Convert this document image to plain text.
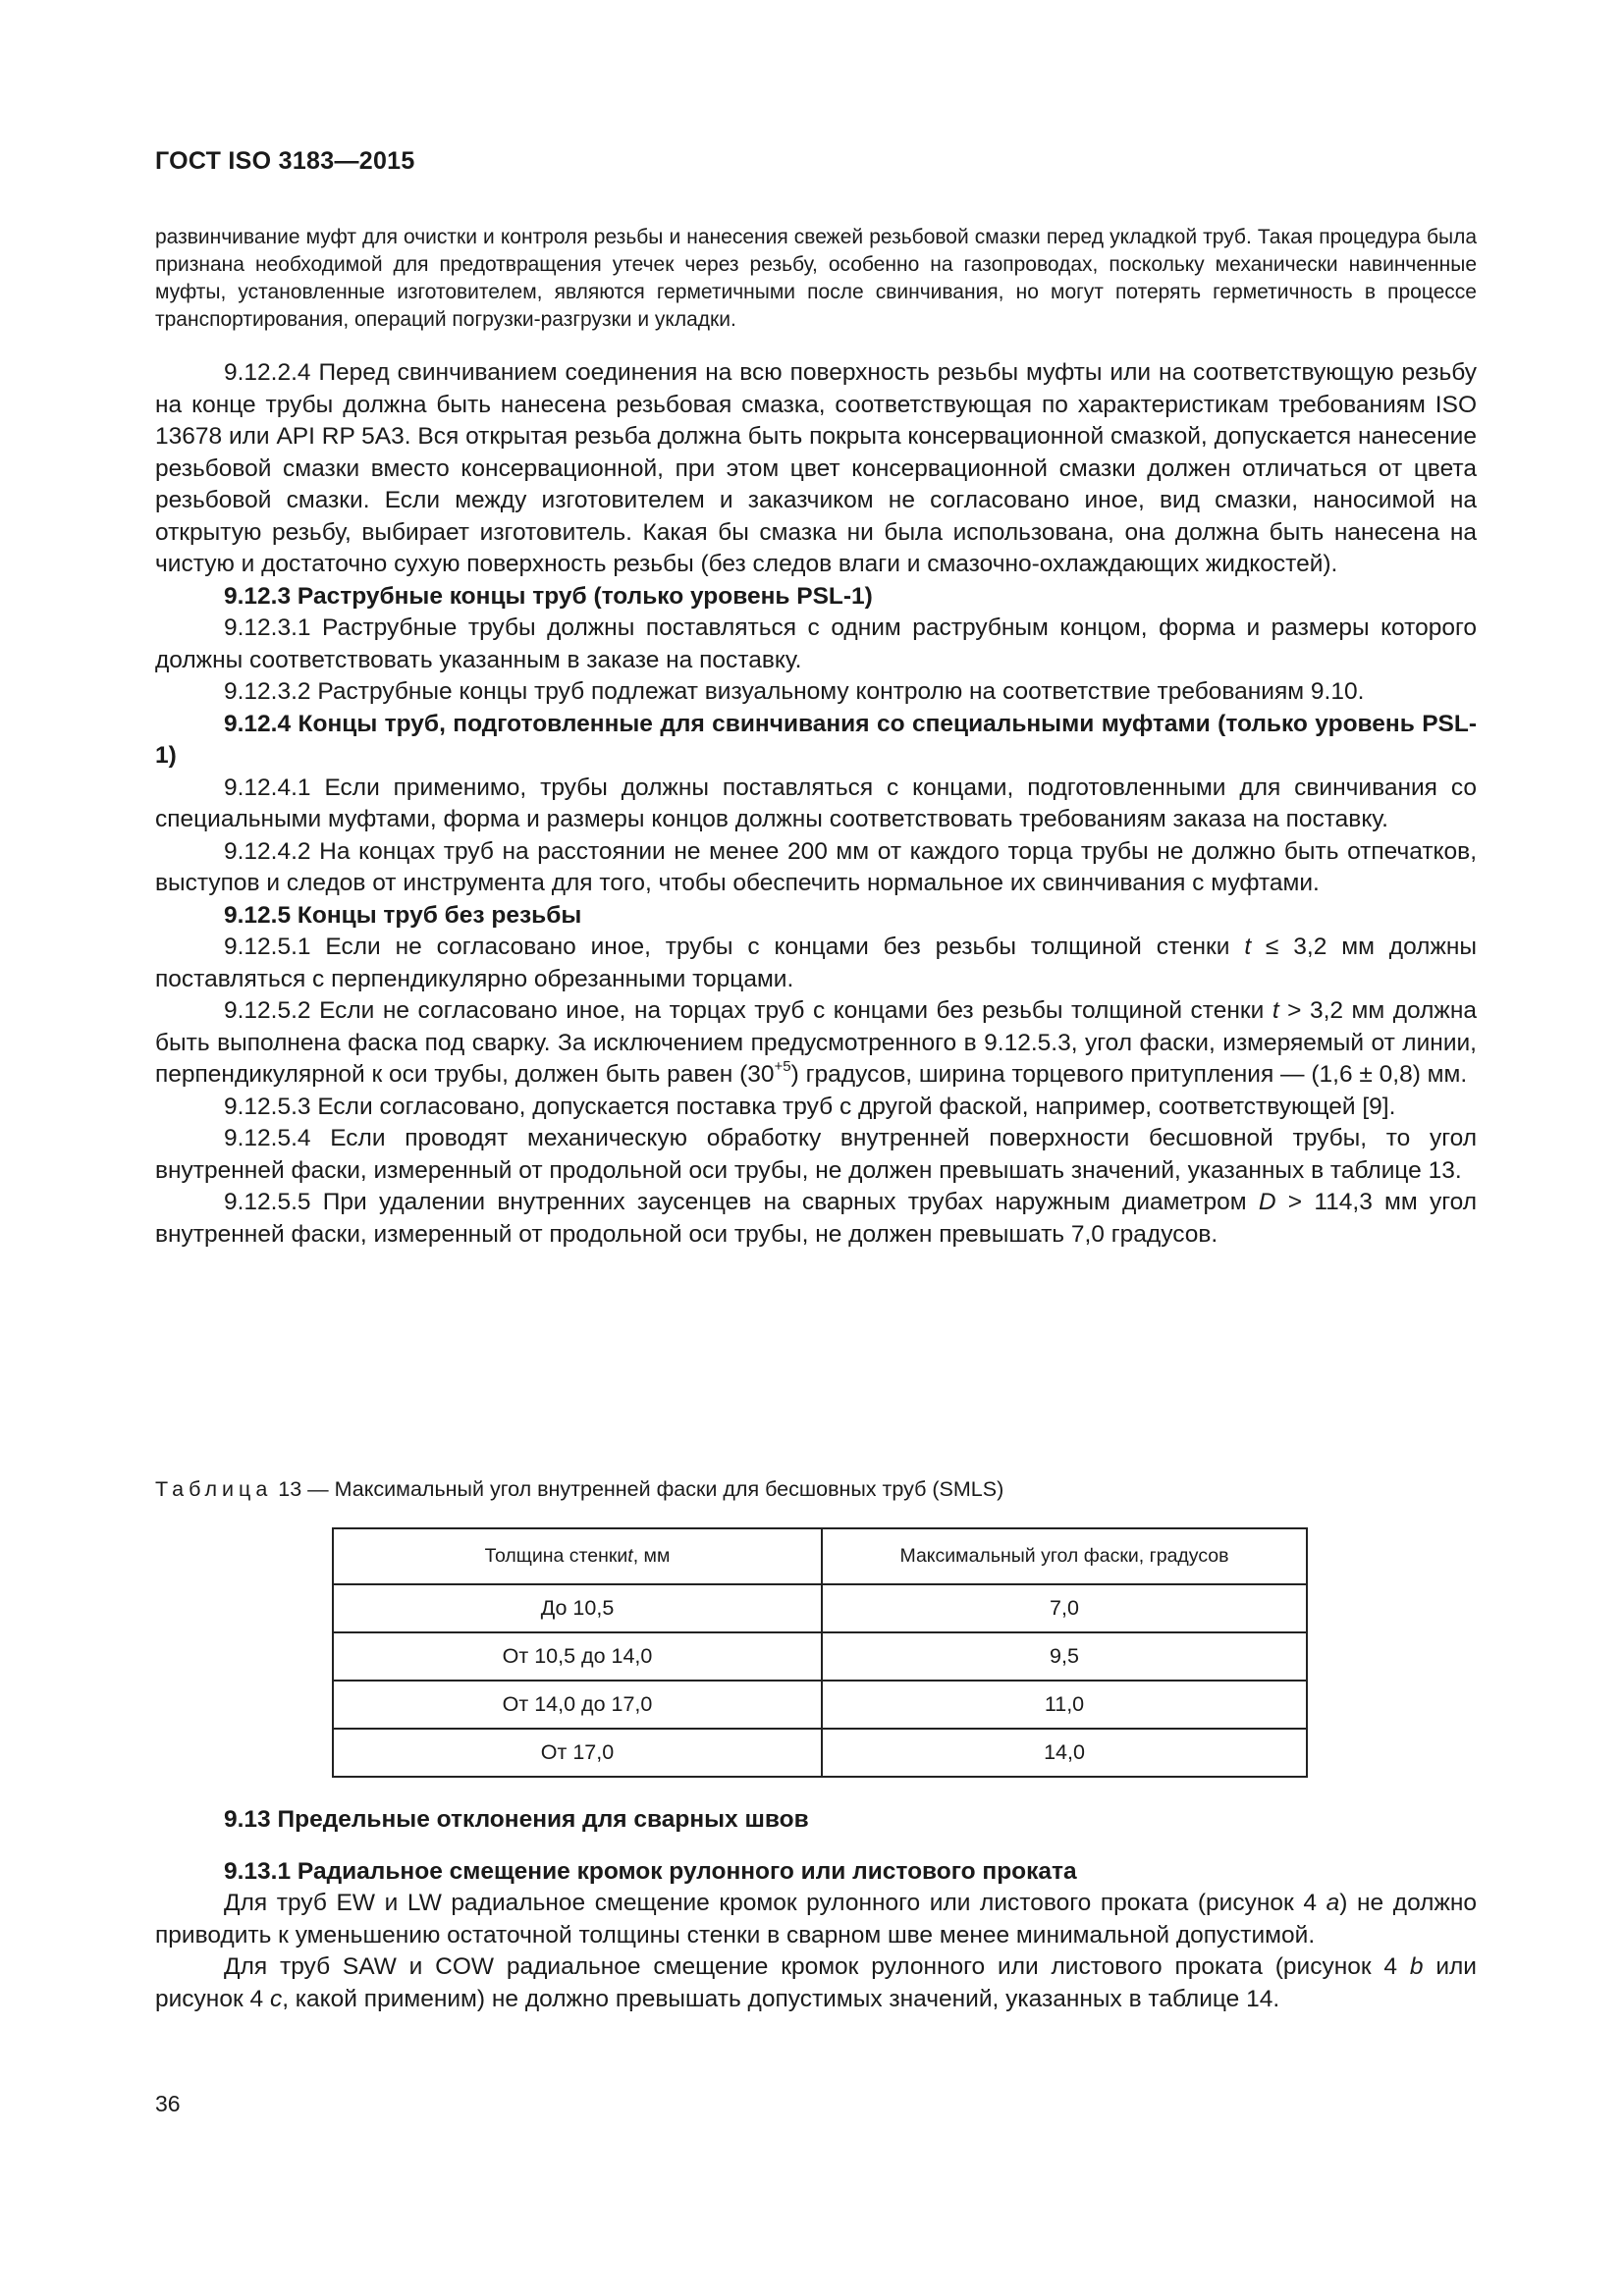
ГОСТ ISO 3183—2015

развинчивание муфт для очистки и контроля резьбы и нанесения свежей резьбовой смазки перед укладкой труб. Такая процедура была признана необходимой для предотвращения утечек через резьбу, особенно на газопроводах, поскольку механически навинченные муфты, установленные изготовителем, являются герметичными после свинчивания, но могут потерять герметичность в процессе транспортирования, операций погрузки-разгрузки и укладки.

9.12.2.4 Перед свинчиванием соединения на всю поверхность резьбы муфты или на соответствующую резьбу на конце трубы должна быть нанесена резьбовая смазка, соответствующая по характеристикам требованиям ISO 13678 или API RP 5A3. Вся открытая резьба должна быть покрыта консервационной смазкой, допускается нанесение резьбовой смазки вместо консервационной, при этом цвет консервационной смазки должен отличаться от цвета резьбовой смазки. Если между изготовителем и заказчиком не согласовано иное, вид смазки, наносимой на открытую резьбу, выбирает изготовитель. Какая бы смазка ни была использована, она должна быть нанесена на чистую и достаточно сухую поверхность резьбы (без следов влаги и смазочно-охлаждающих жидкостей).

9.12.3 Раструбные концы труб (только уровень PSL-1)

9.12.3.1 Раструбные трубы должны поставляться с одним раструбным концом, форма и размеры которого должны соответствовать указанным в заказе на поставку.

9.12.3.2 Раструбные концы труб подлежат визуальному контролю на соответствие требованиям 9.10.

9.12.4 Концы труб, подготовленные для свинчивания со специальными муфтами (только уровень PSL-1)

9.12.4.1 Если применимо, трубы должны поставляться с концами, подготовленными для свинчивания со специальными муфтами, форма и размеры концов должны соответствовать требованиям заказа на поставку.

9.12.4.2 На концах труб на расстоянии не менее 200 мм от каждого торца трубы не должно быть отпечатков, выступов и следов от инструмента для того, чтобы обеспечить нормальное их свинчивания с муфтами.

9.12.5 Концы труб без резьбы

9.12.5.1 Если не согласовано иное, трубы с концами без резьбы толщиной стенки t ≤ 3,2 мм должны поставляться с перпендикулярно обрезанными торцами.

9.12.5.2 Если не согласовано иное, на торцах труб с концами без резьбы толщиной стенки t > 3,2 мм должна быть выполнена фаска под сварку. За исключением предусмотренного в 9.12.5.3, угол фаски, измеряемый от линии, перпендикулярной к оси трубы, должен быть равен $(30^{+5})$ градусов, ширина торцевого притупления — (1,6 ± 0,8) мм.

9.12.5.3 Если согласовано, допускается поставка труб с другой фаской, например, соответствующей [9].

9.12.5.4 Если проводят механическую обработку внутренней поверхности бесшовной трубы, то угол внутренней фаски, измеренный от продольной оси трубы, не должен превышать значений, указанных в таблице 13.

9.12.5.5 При удалении внутренних заусенцев на сварных трубах наружным диаметром D > 114,3 мм угол внутренней фаски, измеренный от продольной оси трубы, не должен превышать 7,0 градусов.

Таблица 13 — Максимальный угол внутренней фаски для бесшовных труб (SMLS)
Толщина стенкиt, мм	Максимальный угол фаски, градусов
До 10,5	7,0
От 10,5 до 14,0	9,5
От 14,0 до 17,0	11,0
От 17,0	14,0

9.13 Предельные отклонения для сварных швов

9.13.1 Радиальное смещение кромок рулонного или листового проката

Для труб EW и LW радиальное смещение кромок рулонного или листового проката (рисунок 4 a) не должно приводить к уменьшению остаточной толщины стенки в сварном шве менее минимальной допустимой.

Для труб SAW и COW радиальное смещение кромок рулонного или листового проката (рисунок 4 b или рисунок 4 c, какой применим) не должно превышать допустимых значений, указанных в таблице 14.

36
